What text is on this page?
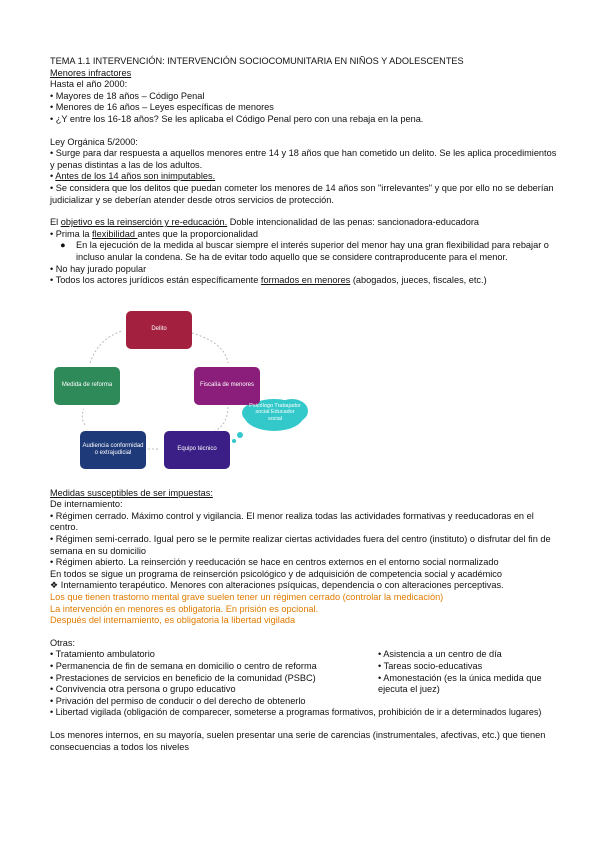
TEMA 1.1 INTERVENCIÓN: INTERVENCIÓN SOCIOCOMUNITARIA EN NIÑOS Y ADOLESCENTES

Menores infractores

Hasta el año 2000:

• Mayores de 18 años – Código Penal

• Menores de 16 años – Leyes específicas de menores

• ¿Y entre los 16-18 años? Se les aplicaba el Código Penal pero con una rebaja en la pena.

Ley Orgánica 5/2000:

• Surge para dar respuesta a aquellos menores entre 14 y 18 años que han cometido un delito. Se les aplica procedimientos y penas distintas a las de los adultos.

• Antes de los 14 años son inimputables.

• Se considera que los delitos que puedan cometer los menores de 14 años son "irrelevantes" y que por ello no se deberían judicializar y se deberían atender desde otros servicios de protección.

El objetivo es la reinserción y re-educación. Doble intencionalidad de las penas: sancionadora-educadora

• Prima la flexibilidad antes que la proporcionalidad

● En la ejecución de la medida al buscar siempre el interés superior del menor hay una gran flexibilidad para rebajar o incluso anular la condena. Se ha de evitar todo aquello que se considere contraproducente para el menor.

• No hay jurado popular

• Todos los actores jurídicos están específicamente formados en menores (abogados, jueces, fiscales, etc.)

Delito
Fiscalía de menores
Equipo técnico
Audiencia conformidad o extrajudicial
Medida de reforma
Psicólogo Trabajador social Educador social

Medidas susceptibles de ser impuestas:

De internamiento:

• Régimen cerrado. Máximo control y vigilancia. El menor realiza todas las actividades formativas y reeducadoras en el centro.

• Régimen semi-cerrado. Igual pero se le permite realizar ciertas actividades fuera del centro (instituto) o disfrutar del fin de semana en su domicilio

• Régimen abierto. La reinserción y reeducación se hace en centros externos en el entorno social normalizado

En todos se sigue un programa de reinserción psicológico y de adquisición de competencia social y académico

❖ Internamiento terapéutico. Menores con alteraciones psíquicas, dependencia o con alteraciones perceptivas.

Los que tienen trastorno mental grave suelen tener un régimen cerrado (controlar la medicación)

La intervención en menores es obligatoria. En prisión es opcional.

Después del internamiento, es obligatoria la libertad vigilada

Otras:

• Tratamiento ambulatorio

• Permanencia de fin de semana en domicilio o centro de reforma

• Prestaciones de servicios en beneficio de la comunidad (PSBC)

• Convivencia otra persona o grupo educativo

• Privación del permiso de conducir o del derecho de obtenerlo

• Asistencia a un centro de día

• Tareas socio-educativas

• Amonestación (es la única medida que ejecuta el juez)

• Libertad vigilada (obligación de comparecer, someterse a programas formativos, prohibición de ir a determinados lugares)

Los menores internos, en su mayoría, suelen presentar una serie de carencias (instrumentales, afectivas, etc.) que tienen consecuencias a todos los niveles
